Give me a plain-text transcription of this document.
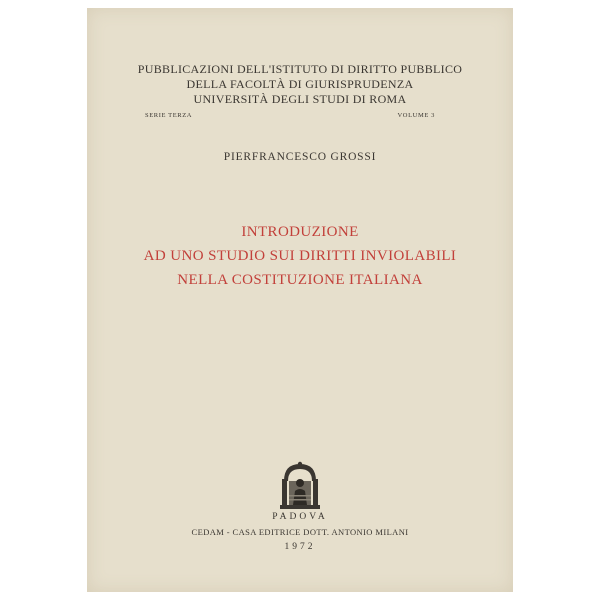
PUBBLICAZIONI DELL'ISTITUTO DI DIRITTO PUBBLICO
DELLA FACOLTÀ DI GIURISPRUDENZA
UNIVERSITÀ DEGLI STUDI DI ROMA
SERIE TERZA	VOLUME 3
PIERFRANCESCO GROSSI
INTRODUZIONE
AD UNO STUDIO SUI DIRITTI INVIOLABILI
NELLA COSTITUZIONE ITALIANA
PADOVA
CEDAM - CASA EDITRICE DOTT. ANTONIO MILANI
1972
